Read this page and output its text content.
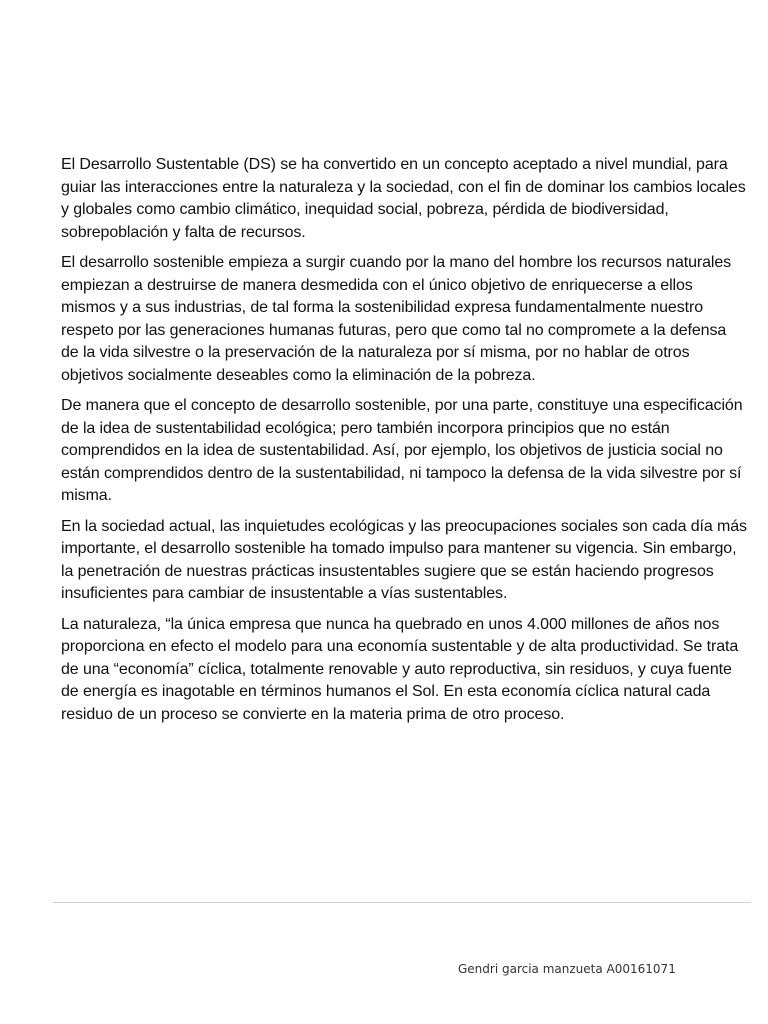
El Desarrollo Sustentable (DS) se ha convertido en un concepto aceptado a nivel mundial, para guiar las interacciones entre la naturaleza y la sociedad, con el fin de dominar los cambios locales y globales como cambio climático, inequidad social, pobreza, pérdida de biodiversidad, sobrepoblación y falta de recursos.

El desarrollo sostenible empieza a surgir cuando por la mano del hombre los recursos naturales empiezan a destruirse de manera desmedida con el único objetivo de enriquecerse a ellos mismos y a sus industrias, de tal forma la sostenibilidad expresa fundamentalmente nuestro respeto por las generaciones humanas futuras, pero que como tal no compromete a la defensa de la vida silvestre o la preservación de la naturaleza por sí misma, por no hablar de otros objetivos socialmente deseables como la eliminación de la pobreza.

De manera que el concepto de desarrollo sostenible, por una parte, constituye una especificación de la idea de sustentabilidad ecológica; pero también incorpora principios que no están comprendidos en la idea de sustentabilidad. Así, por ejemplo, los objetivos de justicia social no están comprendidos dentro de la sustentabilidad, ni tampoco la defensa de la vida silvestre por sí misma.

En la sociedad actual, las inquietudes ecológicas y las preocupaciones sociales son cada día más importante, el desarrollo sostenible ha tomado impulso para mantener su vigencia. Sin embargo, la penetración de nuestras prácticas insustentables sugiere que se están haciendo progresos insuficientes para cambiar de insustentable a vías sustentables.

La naturaleza, “la única empresa que nunca ha quebrado en unos 4.000 millones de años nos proporciona en efecto el modelo para una economía sustentable y de alta productividad. Se trata de una “economía” cíclica, totalmente renovable y auto reproductiva, sin residuos, y cuya fuente de energía es inagotable en términos humanos el Sol. En esta economía cíclica natural cada residuo de un proceso se convierte en la materia prima de otro proceso.

Gendri garcia manzueta A00161071
